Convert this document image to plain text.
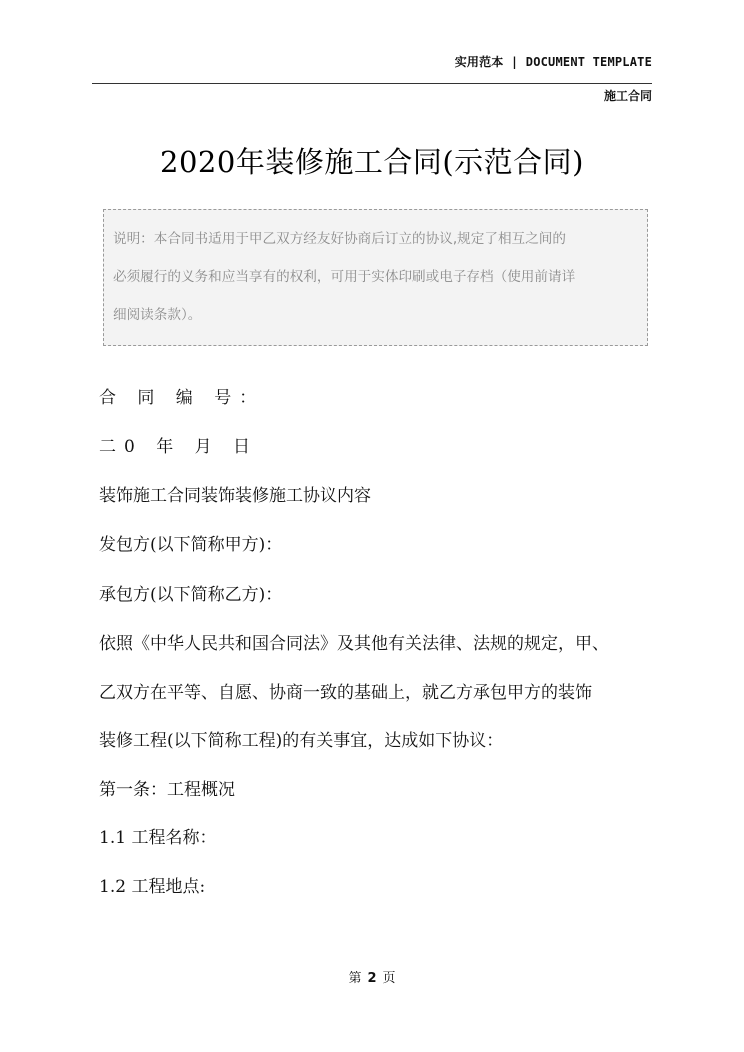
实用范本 | DOCUMENT TEMPLATE
施工合同
2020年装修施工合同(示范合同)
说明：本合同书适用于甲乙双方经友好协商后订立的协议,规定了相互之间的
必须履行的义务和应当享有的权利，可用于实体印刷或电子存档（使用前请详
细阅读条款）。
合 同 编 号：
二0 年 月 日
装饰施工合同装饰装修施工协议内容
发包方(以下简称甲方)：
承包方(以下简称乙方)：
依照《中华人民共和国合同法》及其他有关法律、法规的规定，甲、
乙双方在平等、自愿、协商一致的基础上，就乙方承包甲方的装饰
装修工程(以下简称工程)的有关事宜，达成如下协议：
第一条：工程概况
1.1 工程名称：
1.2 工程地点:
第 2 页
